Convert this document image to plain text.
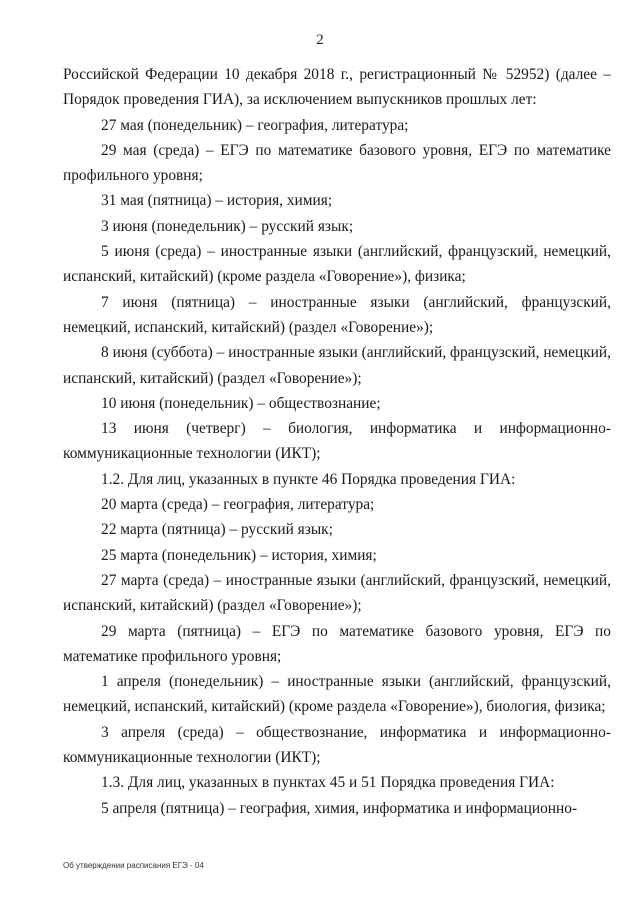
2

Российской Федерации 10 декабря 2018 г., регистрационный № 52952) (далее – Порядок проведения ГИА), за исключением выпускников прошлых лет:

27 мая (понедельник) – география, литература;

29 мая (среда) – ЕГЭ по математике базового уровня, ЕГЭ по математике профильного уровня;

31 мая (пятница) – история, химия;

3 июня (понедельник) – русский язык;

5 июня (среда) – иностранные языки (английский, французский, немецкий, испанский, китайский) (кроме раздела «Говорение»), физика;

7 июня (пятница) – иностранные языки (английский, французский, немецкий, испанский, китайский) (раздел «Говорение»);

8 июня (суббота) – иностранные языки (английский, французский, немецкий, испанский, китайский) (раздел «Говорение»);

10 июня (понедельник) – обществознание;

13 июня (четверг) – биология, информатика и информационно-коммуникационные технологии (ИКТ);

1.2. Для лиц, указанных в пункте 46 Порядка проведения ГИА:

20 марта (среда) – география, литература;

22 марта (пятница) – русский язык;

25 марта (понедельник) – история, химия;

27 марта (среда) – иностранные языки (английский, французский, немецкий, испанский, китайский) (раздел «Говорение»);

29 марта (пятница) – ЕГЭ по математике базового уровня, ЕГЭ по математике профильного уровня;

1 апреля (понедельник) – иностранные языки (английский, французский, немецкий, испанский, китайский) (кроме раздела «Говорение»), биология, физика;

3 апреля (среда) – обществознание, информатика и информационно-коммуникационные технологии (ИКТ);

1.3. Для лиц, указанных в пунктах 45 и 51 Порядка проведения ГИА:

5 апреля (пятница) – география, химия, информатика и информационно-

Об утверждении расписания ЕГЭ - 04
